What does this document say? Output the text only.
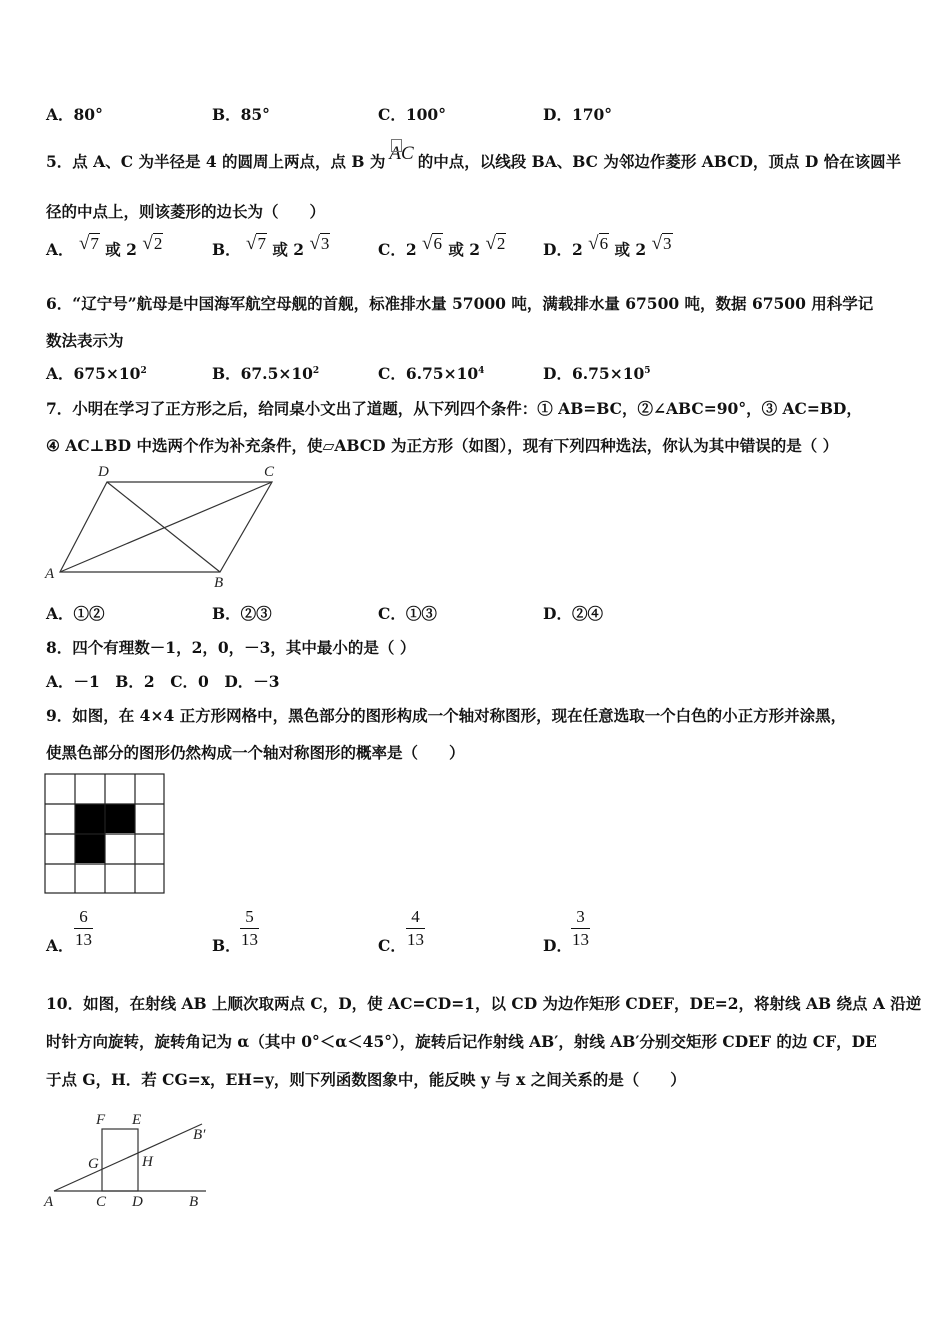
A．80°	B．85°	C．100°	D．170°
5．点 A、C 为半径是 4 的圆周上两点，点 B 为 AC 的中点，以线段 BA、BC 为邻边作菱形 ABCD，顶点 D 恰在该圆半
径的中点上，则该菱形的边长为（　　）
A． √7 或 2 √2	B． √7 或 2 √3	C．2 √6 或 2 √2 D．2 √6 或 2 √3
6．“辽宁号”航母是中国海军航空母舰的首舰，标准排水量 57000 吨，满载排水量 67500 吨，数据 67500 用科学记
数法表示为
A．$675\times 10^2$	B．$67.5\times 10^2$	C．$6.75\times 10^4$	D．$6.75\times 10^5$
7．小明在学习了正方形之后，给同桌小文出了道题，从下列四个条件：① AB=BC，②∠ABC=90°，③ AC=BD，
④ AC⊥BD 中选两个作为补充条件，使▱ABCD 为正方形（如图），现有下列四种选法，你认为其中错误的是（ ）
D	C
A
B
A．①②	B．②③	C．①③	D．②④
8．四个有理数－1，2，0，－3，其中最小的是（ ）
A．－1　B．2　C．0　D．－3
9．如图，在 4×4 正方形网格中，黑色部分的图形构成一个轴对称图形，现在任意选取一个白色的小正方形并涂黑，
使黑色部分的图形仍然构成一个轴对称图形的概率是（　　）
A．
6
13	B．
5
13	C．
4
13	D．
3
13
10．如图，在射线 AB 上顺次取两点 C，D，使 AC=CD=1，以 CD 为边作矩形 CDEF，DE=2，将射线 AB 绕点 A 沿逆
时针方向旋转，旋转角记为 α（其中 0°＜α＜45°），旋转后记作射线 AB′，射线 AB′分别交矩形 CDEF 的边 CF，DE
于点 G，H．若 CG=x，EH=y，则下列函数图象中，能反映 y 与 x 之间关系的是（　　）
F E
B′
G	H
A	C D	B
